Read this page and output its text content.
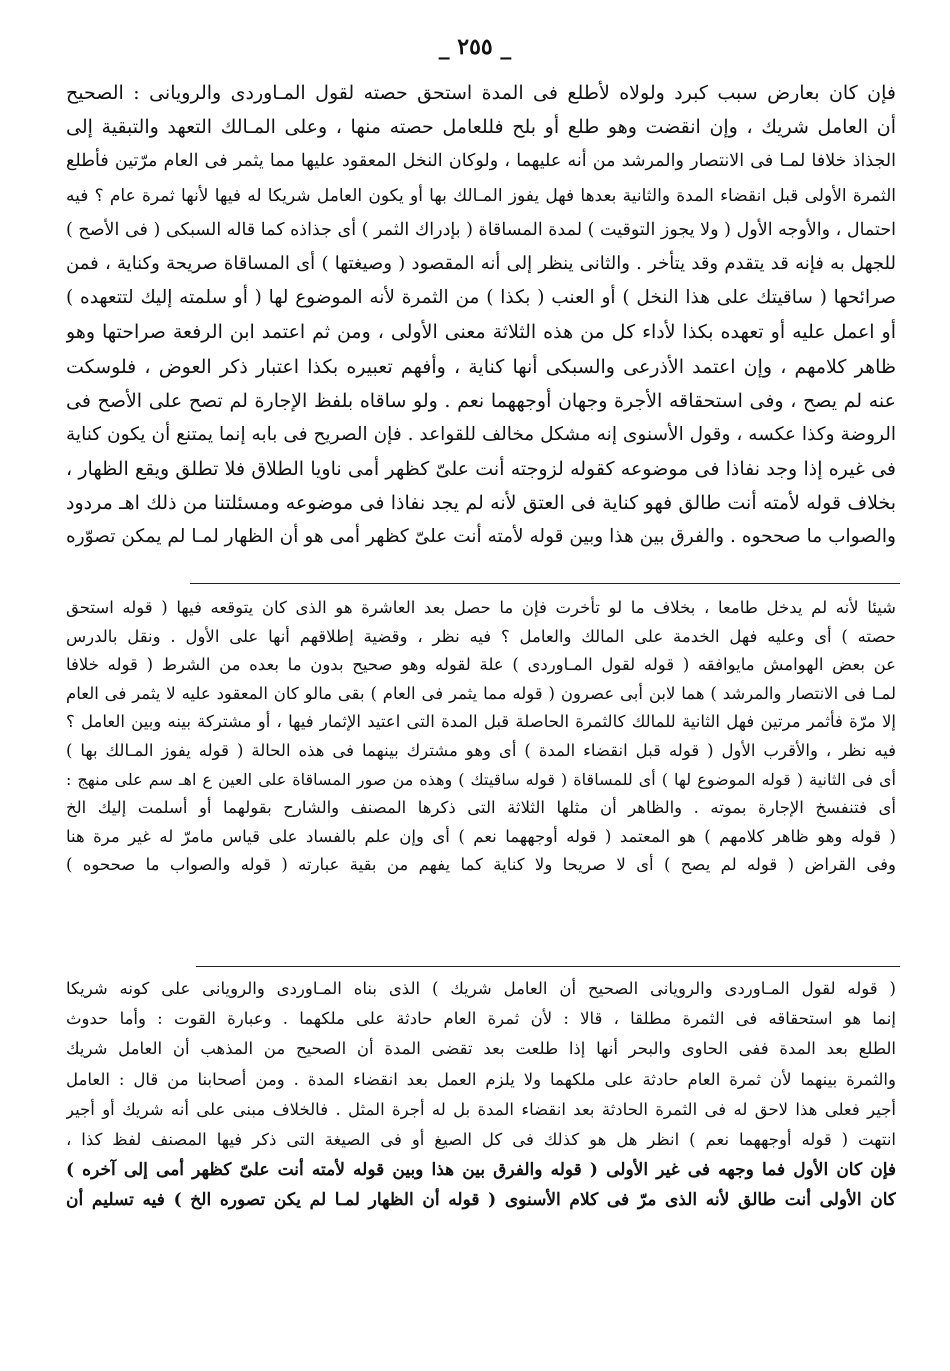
_ ٢٥٥ _
فإن كان بعارض سبب كبرد ولولاه لأطلع فى المدة استحق حصته لقول المـاوردى والرويانى : الصحيح
أن العامل شريك ، وإن انقضت وهو طلع أو بلح فللعامل حصته منها ، وعلى المـالك التعهد والتبقية إلى
الجذاذ خلافا لمـا فى الانتصار والمرشد من أنه عليهما ، ولوكان النخل المعقود عليها مما يثمر فى العام مرّتين فأطلع
الثمرة الأولى قبل انقضاء المدة والثانية بعدها فهل يفوز المـالك بها أو يكون العامل شريكا له فيها لأنها ثمرة عام ؟ فيه
احتمال ، والأوجه الأول ( ولا يجوز التوقيت ) لمدة المساقاة ( بإدراك الثمر ) أى جذاذه كما قاله السبكى ( فى الأصح )
للجهل به فإنه قد يتقدم وقد يتأخر . والثانى ينظر إلى أنه المقصود ( وصيغتها ) أى المساقاة صريحة وكناية ، فمن
صرائحها ( ساقيتك على هذا النخل ) أو العنب ( بكذا ) من الثمرة لأنه الموضوع لها ( أو سلمته إليك لتتعهده )
أو اعمل عليه أو تعهده بكذا لأداء كل من هذه الثلاثة معنى الأولى ، ومن ثم اعتمد ابن الرفعة صراحتها وهو
ظاهر كلامهم ، وإن اعتمد الأذرعى والسبكى أنها كناية ، وأفهم تعبيره بكذا اعتبار ذكر العوض ، فلوسكت
عنه لم يصح ، وفى استحقاقه الأجرة وجهان أوجههما نعم . ولو ساقاه بلفظ الإجارة لم تصح على الأصح فى
الروضة وكذا عكسه ، وقول الأسنوى إنه مشكل مخالف للقواعد . فإن الصريح فى بابه إنما يمتنع أن يكون كناية
فى غيره إذا وجد نفاذا فى موضوعه كقوله لزوجته أنت علىّ كظهر أمى ناويا الطلاق فلا تطلق ويقع الظهار ،
بخلاف قوله لأمته أنت طالق فهو كناية فى العتق لأنه لم يجد نفاذا فى موضوعه ومسئلتنا من ذلك اهـ مردود
والصواب ما صححوه . والفرق بين هذا وبين قوله لأمته أنت علىّ كظهر أمى هو أن الظهار لمـا لم يمكن تصوّره
شيئا لأنه لم يدخل طامعا ، بخلاف ما لو تأخرت فإن ما حصل بعد العاشرة هو الذى كان يتوقعه فيها ( قوله استحق
حصته ) أى وعليه فهل الخدمة على المالك والعامل ؟ فيه نظر ، وقضية إطلاقهم أنها على الأول . ونقل بالدرس
عن بعض الهوامش مايوافقه ( قوله لقول المـاوردى ) علة لقوله وهو صحيح بدون ما بعده من الشرط ( قوله خلافا
لمـا فى الانتصار والمرشد ) هما لابن أبى عصرون ( قوله مما يثمر فى العام ) بقى مالو كان المعقود عليه لا يثمر فى العام
إلا مرّة فأثمر مرتين فهل الثانية للمالك كالثمرة الحاصلة قبل المدة التى اعتيد الإثمار فيها ، أو مشتركة بينه وبين العامل ؟
فيه نظر ، والأقرب الأول ( قوله قبل انقضاء المدة ) أى وهو مشترك بينهما فى هذه الحالة ( قوله يفوز المـالك بها )
أى فى الثانية ( قوله الموضوع لها ) أى للمساقاة ( قوله ساقيتك ) وهذه من صور المساقاة على العين ع اهـ سم على منهج :
أى فتنفسخ الإجارة بموته . والظاهر أن مثلها الثلاثة التى ذكرها المصنف والشارح بقولهما أو أسلمت إليك الخ
( قوله وهو ظاهر كلامهم ) هو المعتمد ( قوله أوجههما نعم ) أى وإن علم بالفساد على قياس مامرّ له غير مرة هنا
وفى القراض ( قوله لم يصح ) أى لا صريحا ولا كناية كما يفهم من بقية عبارته ( قوله والصواب ما صححوه )
( قوله لقول المـاوردى والرويانى الصحيح أن العامل شريك ) الذى بناه المـاوردى والرويانى على كونه شريكا
إنما هو استحقاقه فى الثمرة مطلقا ، قالا : لأن ثمرة العام حادثة على ملكهما . وعبارة القوت : وأما حدوث
الطلع بعد المدة ففى الحاوى والبحر أنها إذا طلعت بعد تقضى المدة أن الصحيح من المذهب أن العامل شريك
والثمرة بينهما لأن ثمرة العام حادثة على ملكهما ولا يلزم العمل بعد انقضاء المدة . ومن أصحابنا من قال : العامل
أجير فعلى هذا لاحق له فى الثمرة الحادثة بعد انقضاء المدة بل له أجرة المثل . فالخلاف مبنى على أنه شريك أو أجير
انتهت ( قوله أوجههما نعم ) انظر هل هو كذلك فى كل الصيغ أو فى الصيغة التى ذكر فيها المصنف لفظ كذا ،
فإن كان الأول فما وجهه فى غير الأولى ( قوله والفرق بين هذا وبين قوله لأمته أنت علىّ كظهر أمى إلى آخره )
كان الأولى أنت طالق لأنه الذى مرّ فى كلام الأسنوى ( قوله أن الظهار لمـا لم يكن تصوره الخ ) فيه تسليم أن
